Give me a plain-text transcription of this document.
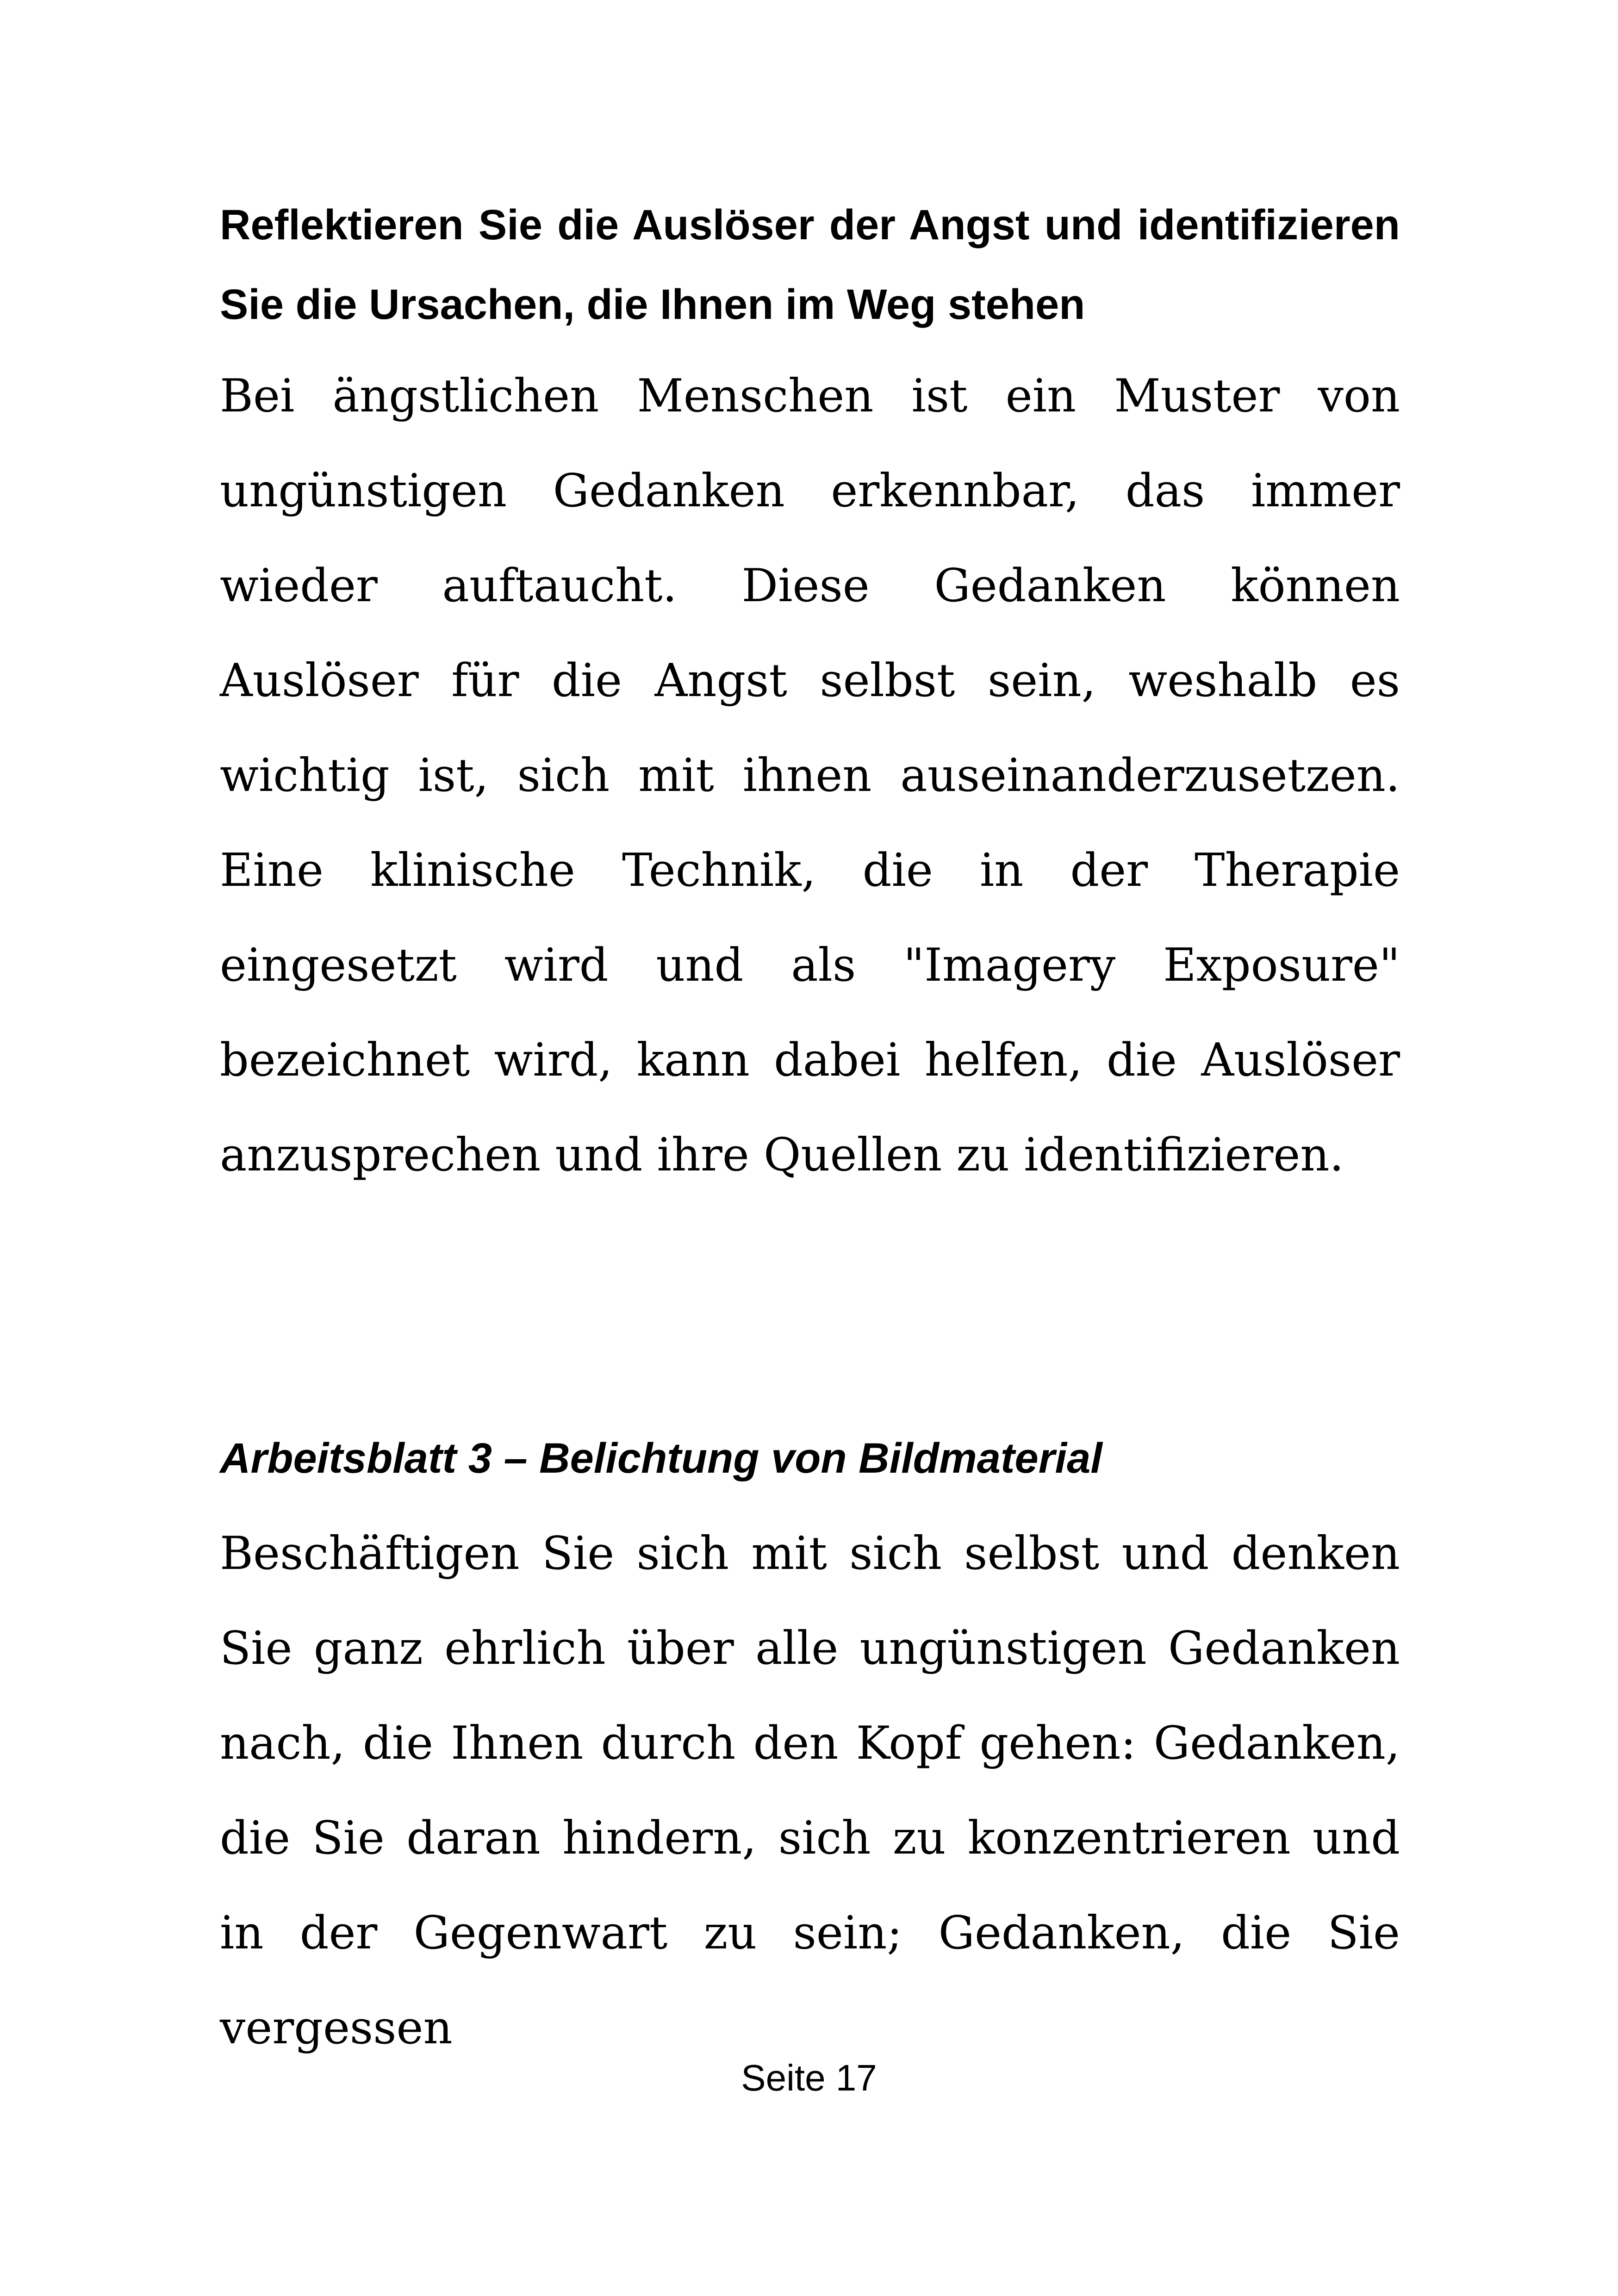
Reflektieren Sie die Auslöser der Angst und identifizieren Sie die Ursachen, die Ihnen im Weg stehen

Bei ängstlichen Menschen ist ein Muster von ungünstigen Gedanken erkennbar, das immer wieder auftaucht. Diese Gedanken können Auslöser für die Angst selbst sein, weshalb es wichtig ist, sich mit ihnen auseinanderzusetzen. Eine klinische Technik, die in der Therapie eingesetzt wird und als "Imagery Exposure" bezeichnet wird, kann dabei helfen, die Auslöser anzusprechen und ihre Quellen zu identifizieren.

Arbeitsblatt 3 – Belichtung von Bildmaterial

Beschäftigen Sie sich mit sich selbst und denken Sie ganz ehrlich über alle ungünstigen Gedanken nach, die Ihnen durch den Kopf gehen: Gedanken, die Sie daran hindern, sich zu konzentrieren und in der Gegenwart zu sein; Gedanken, die Sie vergessen

Seite 17
